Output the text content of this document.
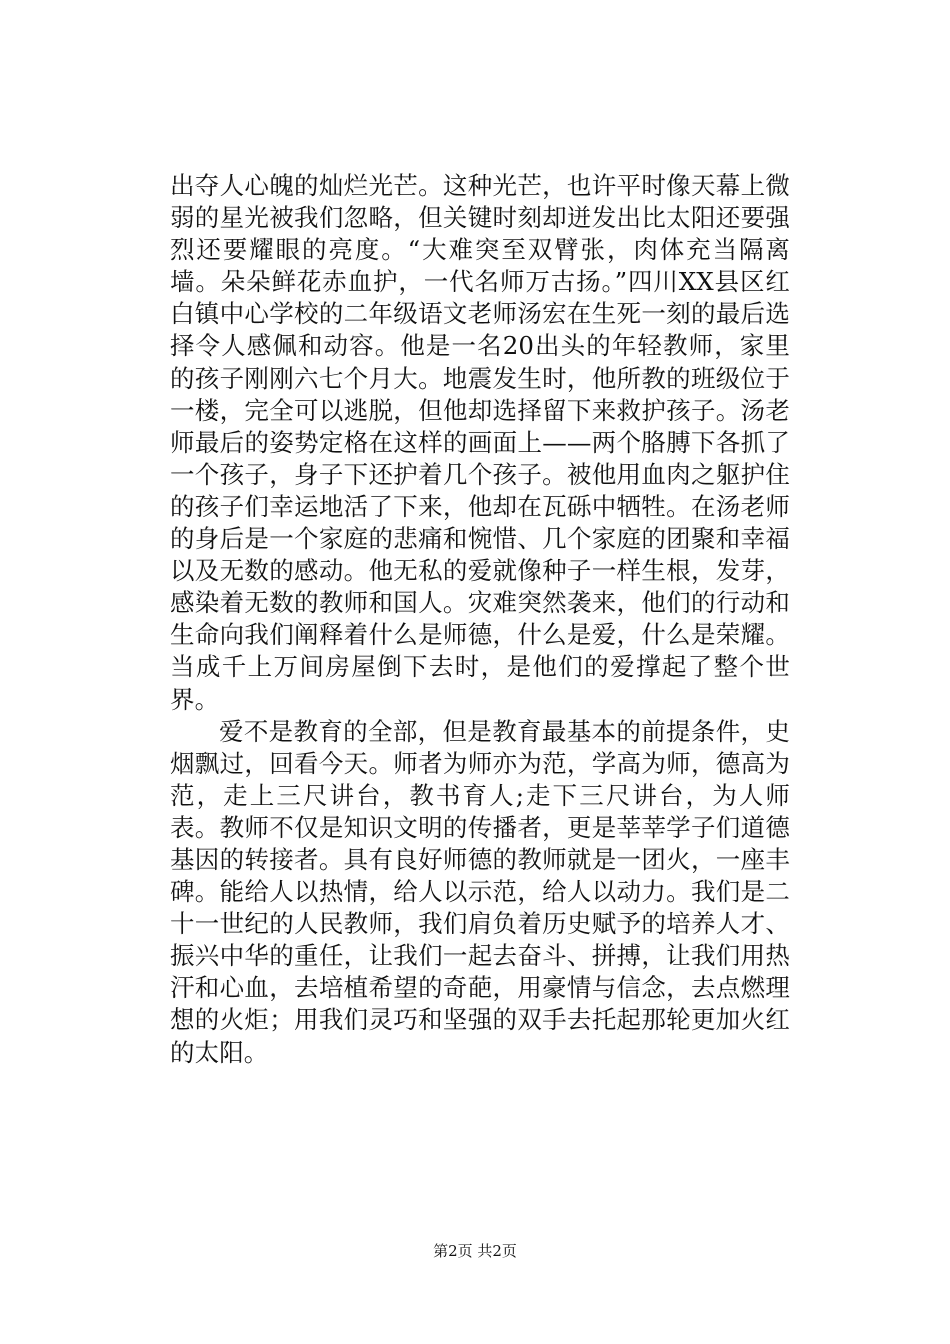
出夺人心魄的灿烂光芒。这种光芒，也许平时像天幕上微弱的星光被我们忽略，但关键时刻却迸发出比太阳还要强烈还要耀眼的亮度。“大难突至双臂张，肉体充当隔离墙。朵朵鲜花赤血护，一代名师万古扬。”四川XX县区红白镇中心学校的二年级语文老师汤宏在生死一刻的最后选择令人感佩和动容。他是一名20出头的年轻教师，家里的孩子刚刚六七个月大。地震发生时，他所教的班级位于一楼，完全可以逃脱，但他却选择留下来救护孩子。汤老师最后的姿势定格在这样的画面上——两个胳膊下各抓了一个孩子，身子下还护着几个孩子。被他用血肉之躯护住的孩子们幸运地活了下来，他却在瓦砾中牺牲。在汤老师的身后是一个家庭的悲痛和惋惜、几个家庭的团聚和幸福以及无数的感动。他无私的爱就像种子一样生根，发芽，感染着无数的教师和国人。灾难突然袭来，他们的行动和生命向我们阐释着什么是师德，什么是爱，什么是荣耀。当成千上万间房屋倒下去时，是他们的爱撑起了整个世界。

爱不是教育的全部，但是教育最基本的前提条件，史烟飘过，回看今天。师者为师亦为范，学高为师，德高为范，走上三尺讲台，教书育人;走下三尺讲台，为人师表。教师不仅是知识文明的传播者，更是莘莘学子们道德基因的转接者。具有良好师德的教师就是一团火，一座丰碑。能给人以热情，给人以示范，给人以动力。我们是二十一世纪的人民教师，我们肩负着历史赋予的培养人才、振兴中华的重任，让我们一起去奋斗、拼搏，让我们用热汗和心血，去培植希望的奇葩，用豪情与信念，去点燃理想的火炬；用我们灵巧和坚强的双手去托起那轮更加火红的太阳。

第2页 共2页
